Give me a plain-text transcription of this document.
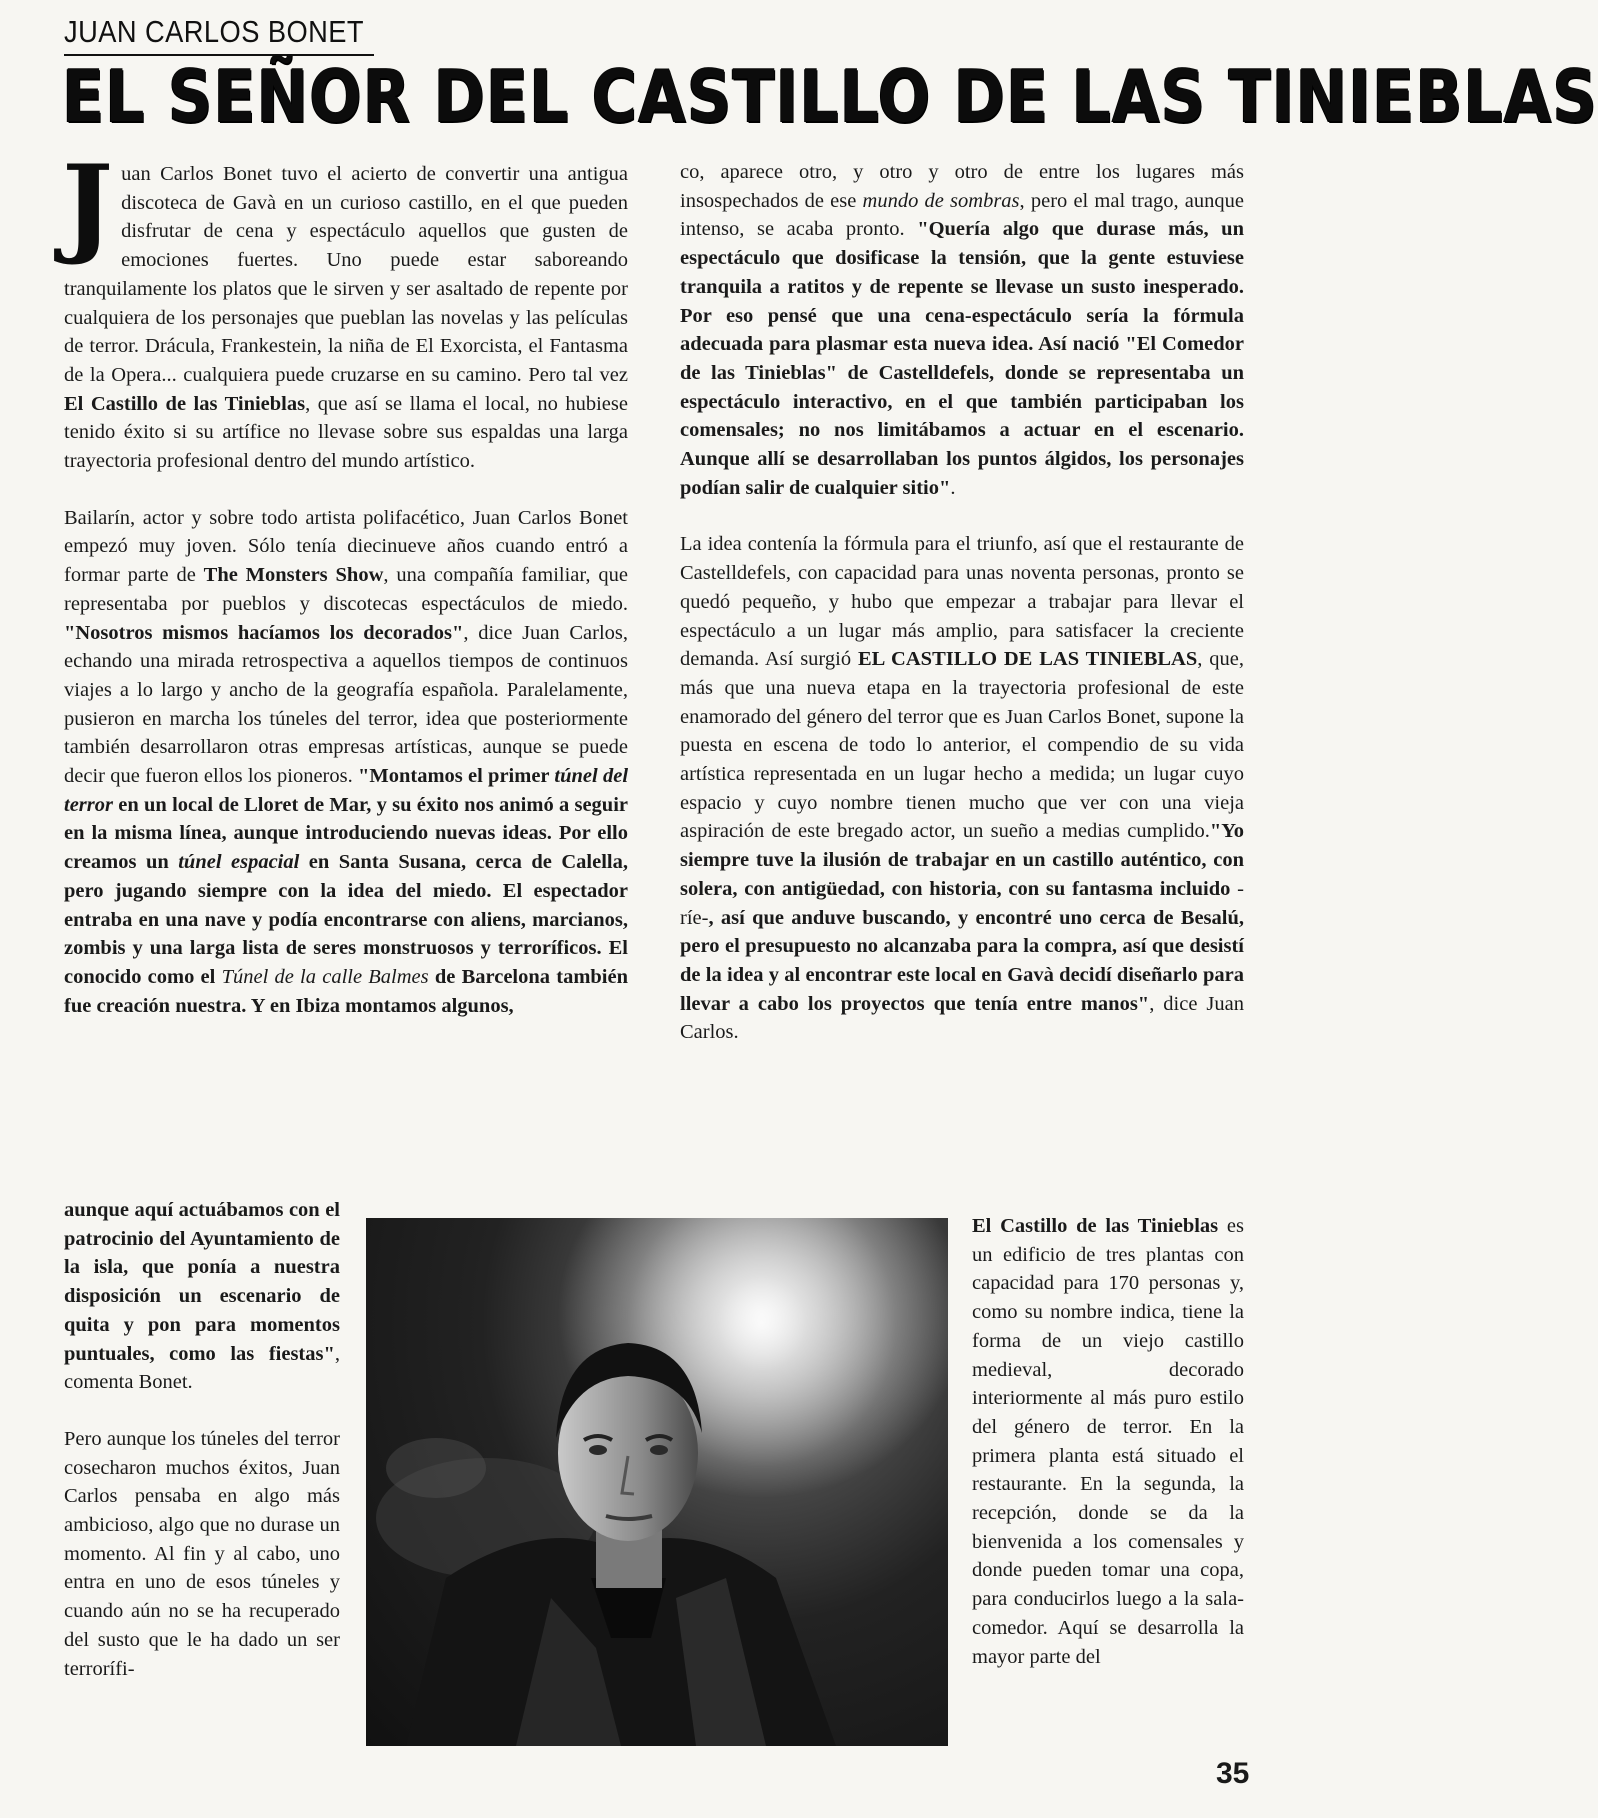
JUAN CARLOS BONET
EL SEÑOR DEL CASTILLO DE LAS TINIEBLAS

Juan Carlos Bonet tuvo el acierto de convertir una antigua discoteca de Gavà en un curioso castillo, en el que pueden disfrutar de cena y espectáculo aquellos que gusten de emociones fuertes. Uno puede estar saboreando tranquilamente los platos que le sirven y ser asaltado de repente por cualquiera de los personajes que pueblan las novelas y las películas de terror. Drácula, Frankestein, la niña de El Exorcista, el Fantasma de la Opera... cualquiera puede cruzarse en su camino. Pero tal vez El Castillo de las Tinieblas, que así se llama el local, no hubiese tenido éxito si su artífice no llevase sobre sus espaldas una larga trayectoria profesional dentro del mundo artístico.

Bailarín, actor y sobre todo artista polifacético, Juan Carlos Bonet empezó muy joven. Sólo tenía diecinueve años cuando entró a formar parte de The Monsters Show, una compañía familiar, que representaba por pueblos y discotecas espectáculos de miedo. "Nosotros mismos hacíamos los decorados", dice Juan Carlos, echando una mirada retrospectiva a aquellos tiempos de continuos viajes a lo largo y ancho de la geografía española. Paralelamente, pusieron en marcha los túneles del terror, idea que posteriormente también desarrollaron otras empresas artísticas, aunque se puede decir que fueron ellos los pioneros. "Montamos el primer túnel del terror en un local de Lloret de Mar, y su éxito nos animó a seguir en la misma línea, aunque introduciendo nuevas ideas. Por ello creamos un túnel espacial en Santa Susana, cerca de Calella, pero jugando siempre con la idea del miedo. El espectador entraba en una nave y podía encontrarse con aliens, marcianos, zombis y una larga lista de seres monstruosos y terroríficos. El conocido como el Túnel de la calle Balmes de Barcelona también fue creación nuestra. Y en Ibiza montamos algunos,

aunque aquí actuábamos con el patrocinio del Ayuntamiento de la isla, que ponía a nuestra disposición un escenario de quita y pon para momentos puntuales, como las fiestas", comenta Bonet.

Pero aunque los túneles del terror cosecharon muchos éxitos, Juan Carlos pensaba en algo más ambicioso, algo que no durase un momento. Al fin y al cabo, uno entra en uno de esos túneles y cuando aún no se ha recuperado del susto que le ha dado un ser terrorífi-

co, aparece otro, y otro y otro de entre los lugares más insospechados de ese mundo de sombras, pero el mal trago, aunque intenso, se acaba pronto. "Quería algo que durase más, un espectáculo que dosificase la tensión, que la gente estuviese tranquila a ratitos y de repente se llevase un susto inesperado. Por eso pensé que una cena-espectáculo sería la fórmula adecuada para plasmar esta nueva idea. Así nació "El Comedor de las Tinieblas" de Castelldefels, donde se representaba un espectáculo interactivo, en el que también participaban los comensales; no nos limitábamos a actuar en el escenario. Aunque allí se desarrollaban los puntos álgidos, los personajes podían salir de cualquier sitio".

La idea contenía la fórmula para el triunfo, así que el restaurante de Castelldefels, con capacidad para unas noventa personas, pronto se quedó pequeño, y hubo que empezar a trabajar para llevar el espectáculo a un lugar más amplio, para satisfacer la creciente demanda. Así surgió EL CASTILLO DE LAS TINIEBLAS, que, más que una nueva etapa en la trayectoria profesional de este enamorado del género del terror que es Juan Carlos Bonet, supone la puesta en escena de todo lo anterior, el compendio de su vida artística representada en un lugar hecho a medida; un lugar cuyo espacio y cuyo nombre tienen mucho que ver con una vieja aspiración de este bregado actor, un sueño a medias cumplido."Yo siempre tuve la ilusión de trabajar en un castillo auténtico, con solera, con antigüedad, con historia, con su fantasma incluido -ríe-, así que anduve buscando, y encontré uno cerca de Besalú, pero el presupuesto no alcanzaba para la compra, así que desistí de la idea y al encontrar este local en Gavà decidí diseñarlo para llevar a cabo los proyectos que tenía entre manos", dice Juan Carlos.

El Castillo de las Tinieblas es un edificio de tres plantas con capacidad para 170 personas y, como su nombre indica, tiene la forma de un viejo castillo medieval, decorado interiormente al más puro estilo del género de terror. En la primera planta está situado el restaurante. En la segunda, la recepción, donde se da la bienvenida a los comensales y donde pueden tomar una copa, para conducirlos luego a la sala-comedor. Aquí se desarrolla la mayor parte del

35
